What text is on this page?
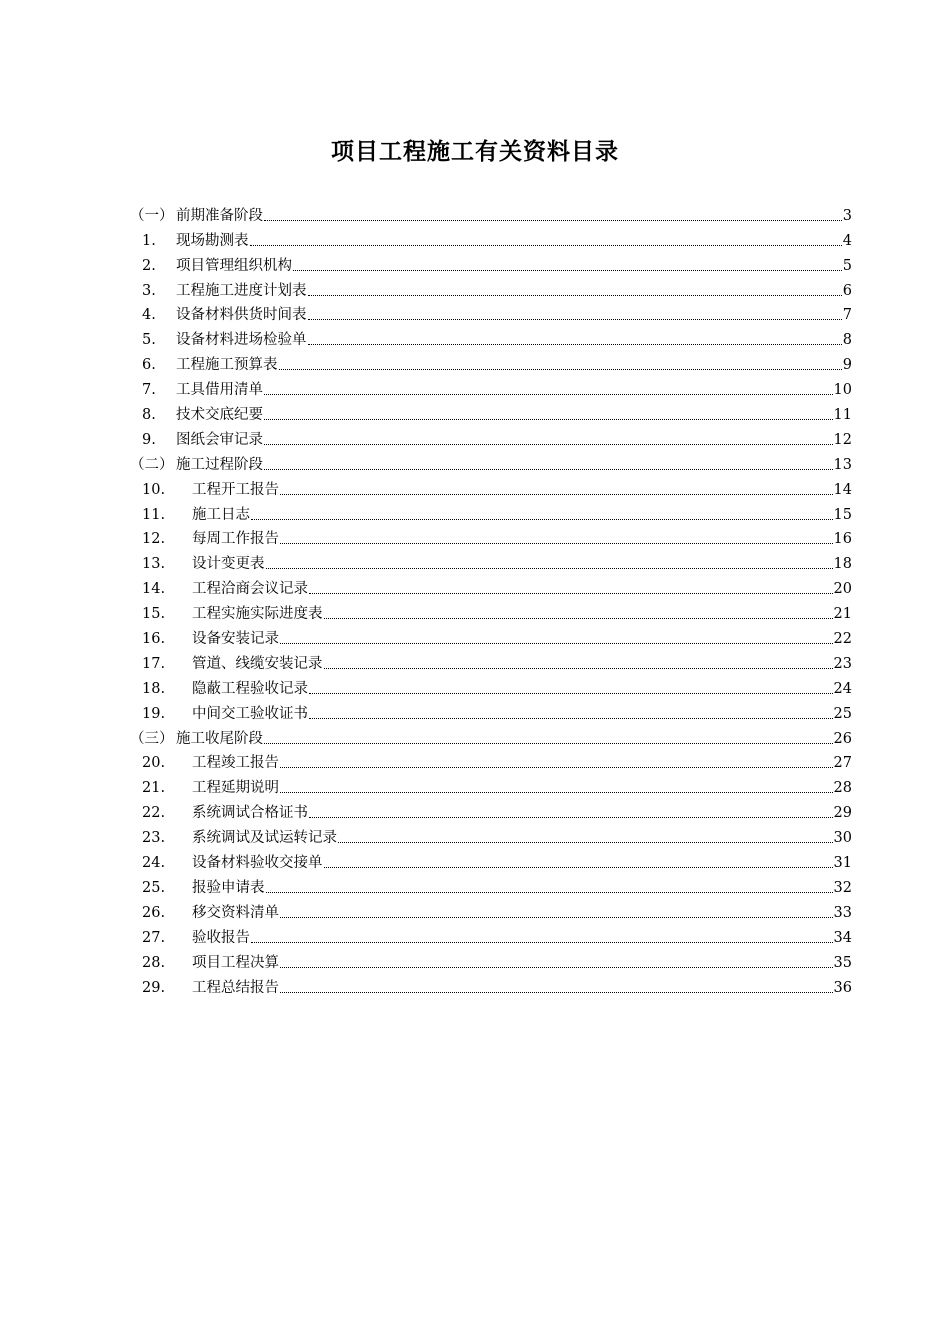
项目工程施工有关资料目录
（一） 前期准备阶段	3
1.	现场勘测表	4
2.	项目管理组织机构	5
3.	工程施工进度计划表	6
4.	设备材料供货时间表	7
5.	设备材料进场检验单	8
6.	工程施工预算表	9
7.	工具借用清单	10
8.	技术交底纪要	11
9.	图纸会审记录	12
（二） 施工过程阶段	13
10.	工程开工报告	14
11.	施工日志	15
12.	每周工作报告	16
13.	设计变更表	18
14.	工程洽商会议记录	20
15.	工程实施实际进度表	21
16.	设备安装记录	22
17.	管道、线缆安装记录	23
18.	隐蔽工程验收记录	24
19.	中间交工验收证书	25
（三） 施工收尾阶段	26
20.	工程竣工报告	27
21.	工程延期说明	28
22.	系统调试合格证书	29
23.	系统调试及试运转记录	30
24.	设备材料验收交接单	31
25.	报验申请表	32
26.	移交资料清单	33
27.	验收报告	34
28.	项目工程决算	35
29.	工程总结报告	36
